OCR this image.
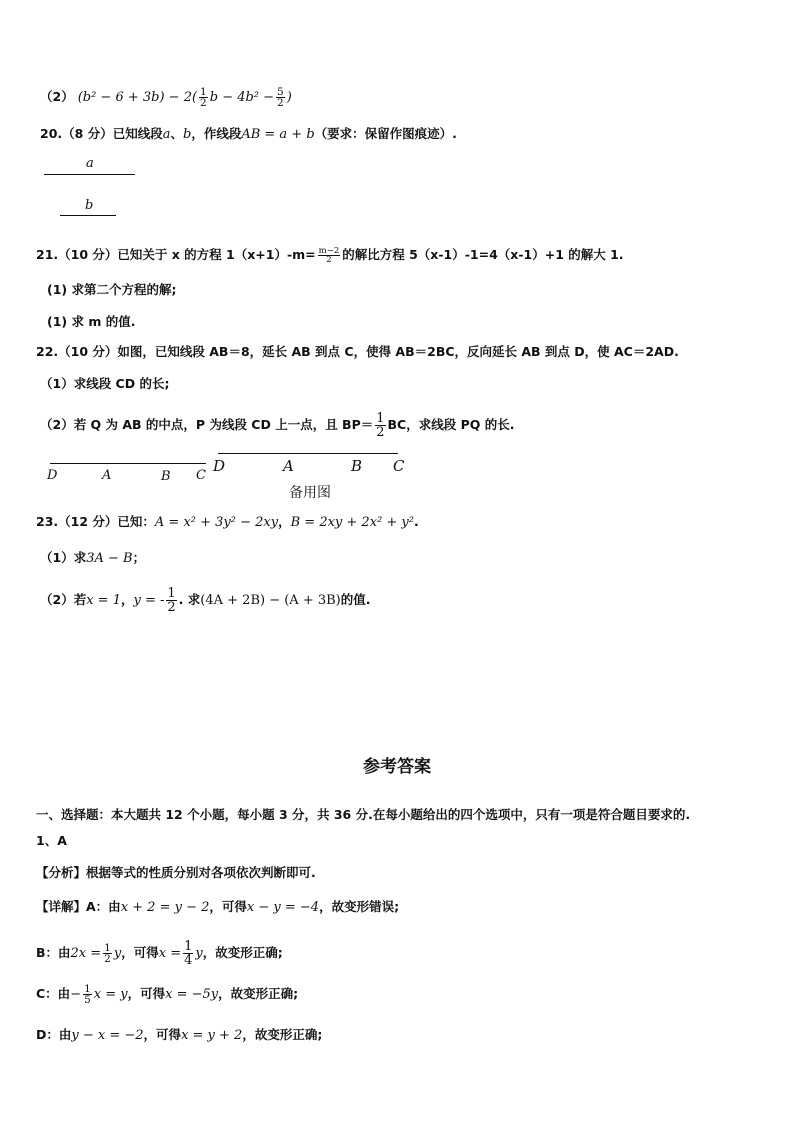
（2） $(b^2 - 6 + 3b) - 2( \frac{1}{2}$ $b - 4b^2 - \frac{5}{2}$ )
20.（8 分）已知线段a、b，作线段AB = a + b（要求：保留作图痕迹）.
a
b
21.（10 分）已知关于 x 的方程 $1(x+1)-m= \frac{m-2}{2}$ 的解比方程 5（x-1）-1=4（x-1）+1 的解大 1.
(1) 求第二个方程的解;
(1) 求 m 的值.
22.（10 分）如图，已知线段 AB＝8，延长 AB 到点 C，使得 AB＝2BC，反向延长 AB 到点 D，使 AC＝2AD.
（1）求线段 CD 的长;
（2）若 Q 为 AB 的中点，P 为线段 CD 上一点，且 $BP= \frac{1}{2}$ BC，求线段 PQ 的长.
D	A	B C
D	A	B C
备用图
23.（12 分）已知：A = x² + 3y² − 2xy，B = 2xy + 2x² + y².
（1）求3A − B；
（2）若x = 1，y = - $\frac{1}{2}$ . 求(4A + 2B) − (A + 3B)的值.
参考答案
一、选择题：本大题共 12 个小题，每小题 3 分，共 36 分.在每小题给出的四个选项中，只有一项是符合题目要求的.
1、A
【分析】根据等式的性质分别对各项依次判断即可.
【详解】A：由x + 2 = y − 2，可得x − y = −4，故变形错误;
B：由$2x = \frac{1}{2}$ y，可得$x = \frac{1}{4}$ y，故变形正确;
C：由− $\frac{1}{5}$ x = y，可得x = −5y，故变形正确;
D：由y − x = −2，可得x = y + 2，故变形正确;
